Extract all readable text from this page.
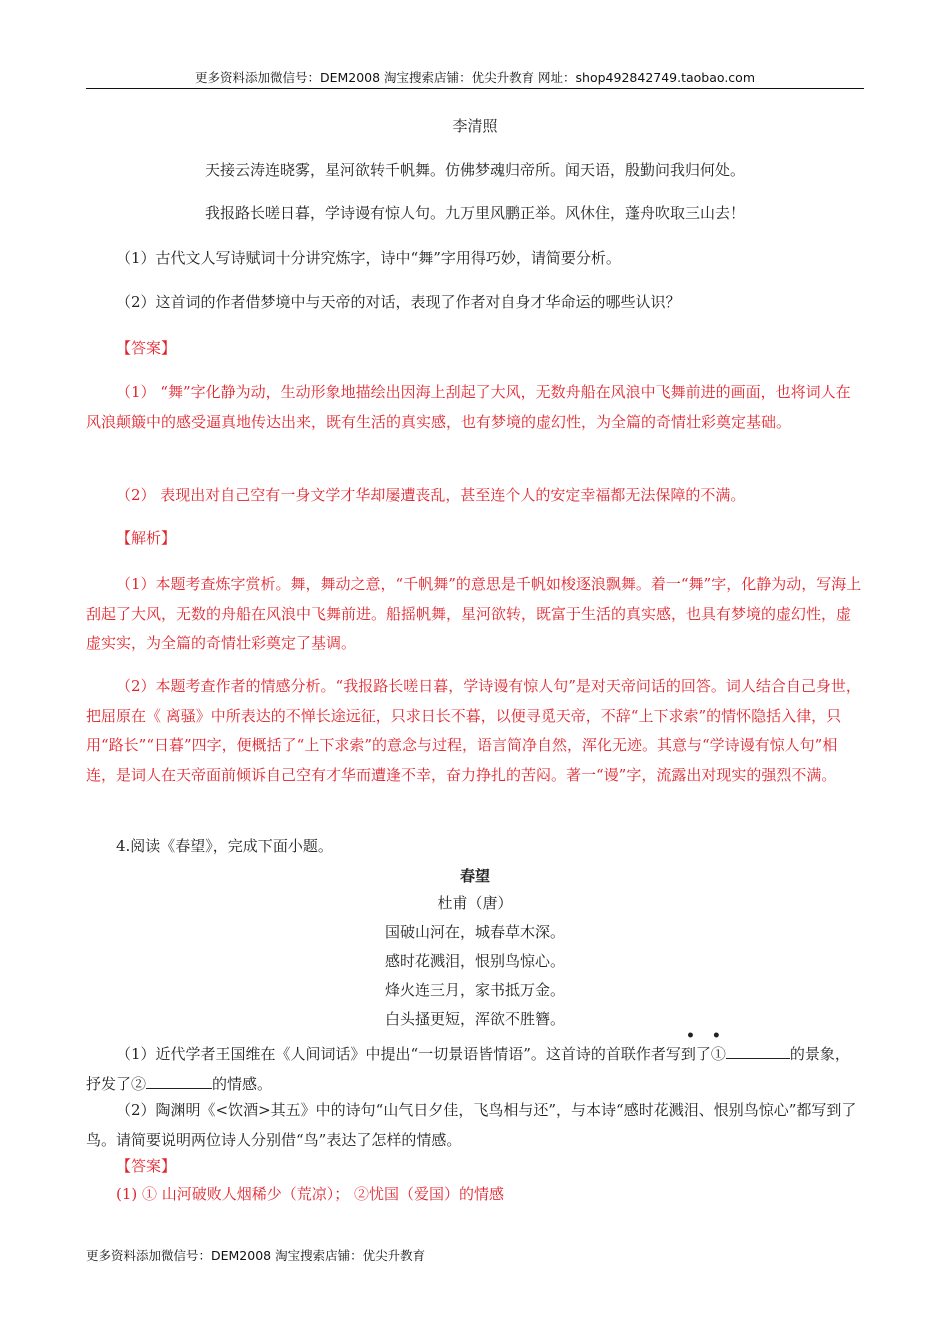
更多资料添加微信号：DEM2008 淘宝搜索店铺：优尖升教育 网址：shop492842749.taobao.com
李清照
天接云涛连晓雾，星河欲转千帆舞。仿佛梦魂归帝所。闻天语，殷勤问我归何处。
我报路长嗟日暮，学诗谩有惊人句。九万里风鹏正举。风休住，蓬舟吹取三山去！
（1）古代文人写诗赋词十分讲究炼字，诗中“舞”字用得巧妙，请简要分析。
（2）这首词的作者借梦境中与天帝的对话，表现了作者对自身才华命运的哪些认识？
【答案】

（1） “舞”字化静为动，生动形象地描绘出因海上刮起了大风，无数舟船在风浪中飞舞前进的画面，也将词人在风浪颠簸中的感受逼真地传达出来，既有生活的真实感，也有梦境的虚幻性，为全篇的奇情壮彩奠定基础。

（2） 表现出对自己空有一身文学才华却屡遭丧乱，甚至连个人的安定幸福都无法保障的不满。

【解析】

（1）本题考查炼字赏析。舞，舞动之意，“千帆舞”的意思是千帆如梭逐浪飘舞。着一“舞”字，化静为动，写海上刮起了大风，无数的舟船在风浪中飞舞前进。船摇帆舞，星河欲转，既富于生活的真实感，也具有梦境的虚幻性，虚虚实实，为全篇的奇情壮彩奠定了基调。

（2）本题考查作者的情感分析。“我报路长嗟日暮，学诗谩有惊人句”是对天帝问话的回答。词人结合自己身世，把屈原在《 离骚》中所表达的不惮长途远征，只求日长不暮，以便寻觅天帝，不辞“上下求索”的情怀隐括入律，只用“路长”“日暮”四字，便概括了“上下求索”的意念与过程，语言简净自然，浑化无迹。其意与“学诗谩有惊人句”相连，是词人在天帝面前倾诉自己空有才华而遭逢不幸，奋力挣扎的苦闷。著一“谩”字，流露出对现实的强烈不满。

4.阅读《春望》，完成下面小题。
春望
杜甫（唐）
国破山河在，城春草木深。
感时花溅泪，恨别鸟惊心。
烽火连三月，家书抵万金。
白头搔更短，浑欲不胜簪。
• •

（1）近代学者王国维在《人间词话》中提出“一切景语皆情语”。这首诗的首联作者写到了①	的景象，抒发了②	的情感。

（2）陶渊明《<饮酒>其五》中的诗句“山气日夕佳，飞鸟相与还”，与本诗“感时花溅泪、恨别鸟惊心”都写到了鸟。请简要说明两位诗人分别借“鸟”表达了怎样的情感。

【答案】
(1) ① 山河破败人烟稀少（荒凉）； ②忧国（爱国）的情感
更多资料添加微信号：DEM2008 淘宝搜索店铺：优尖升教育
